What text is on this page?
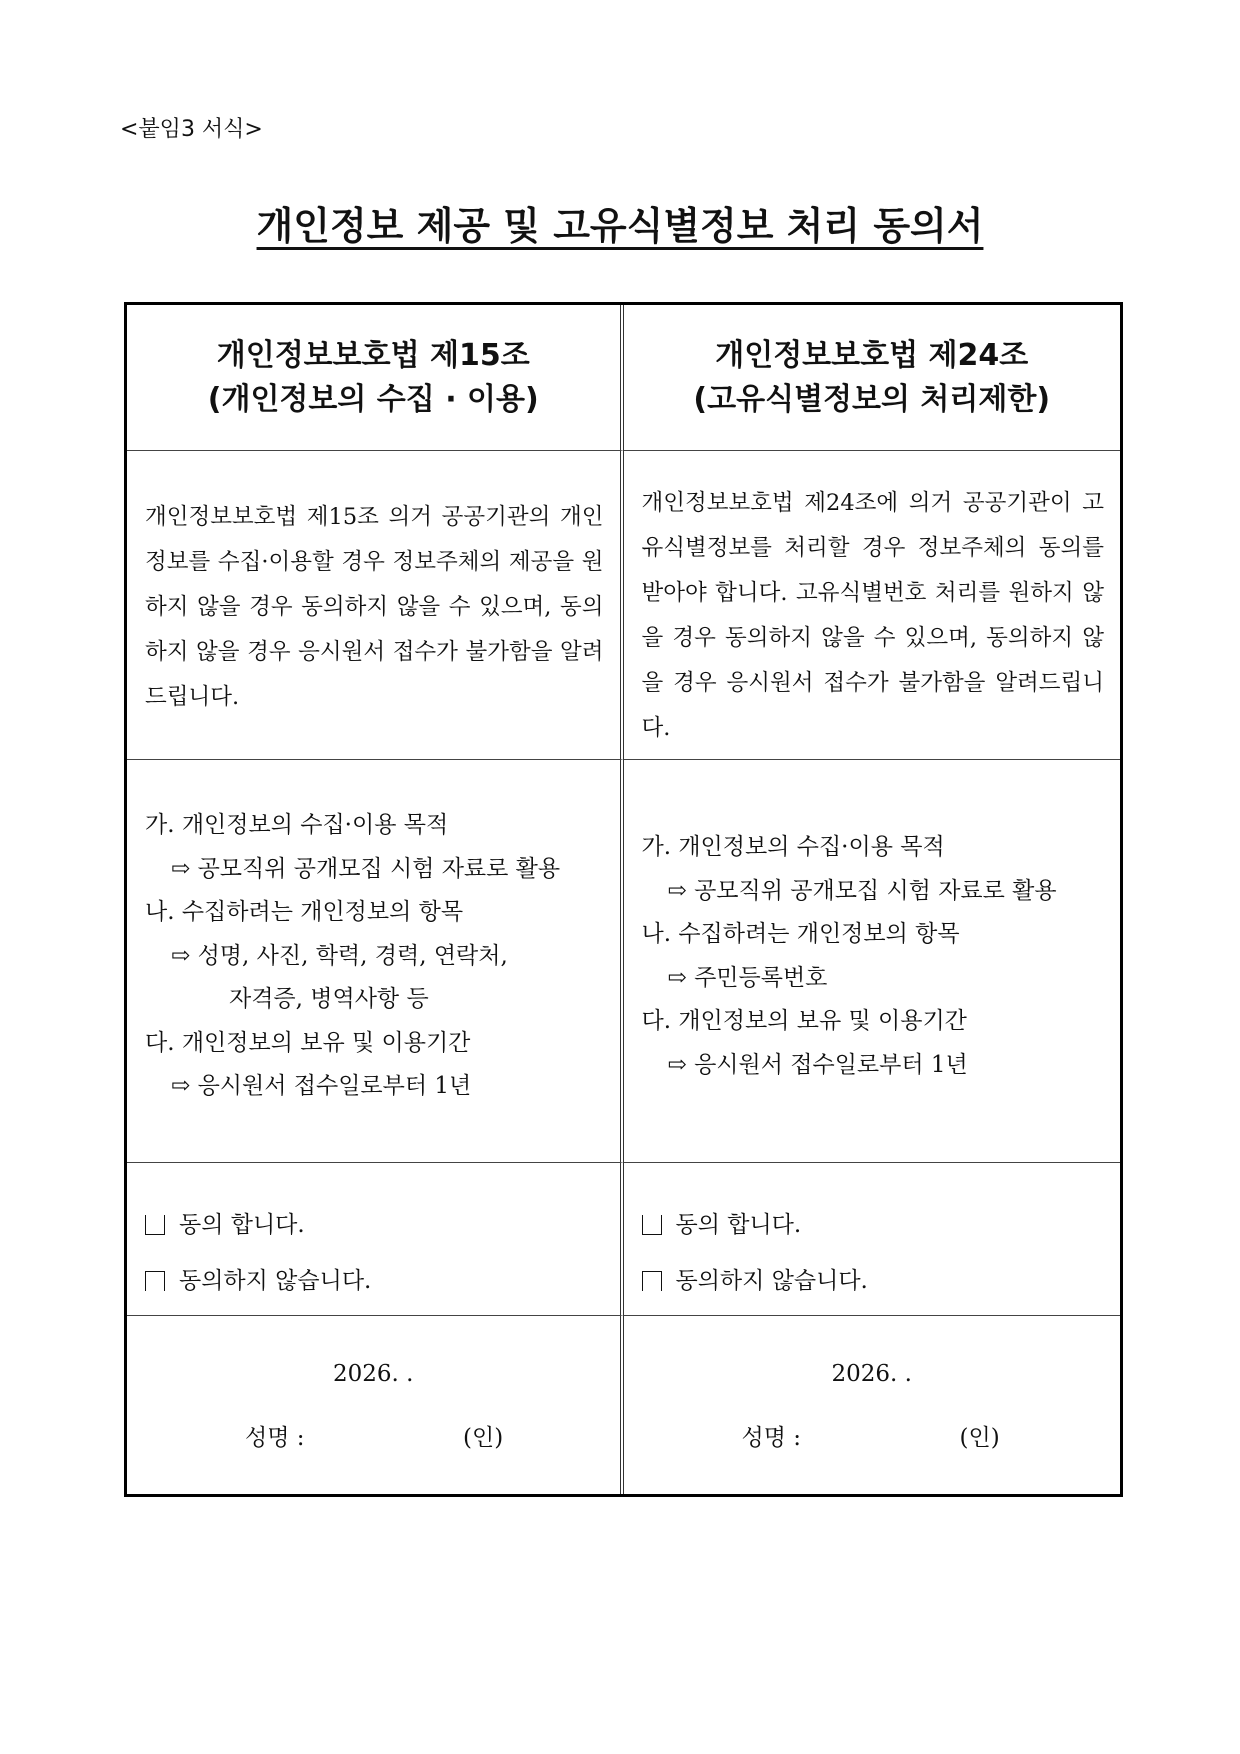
<붙임3 서식>
개인정보 제공 및 고유식별정보 처리 동의서
개인정보보호법 제15조
(개인정보의 수집 · 이용)
개인정보보호법 제24조
(고유식별정보의 처리제한)
개인정보보호법 제15조 의거 공공기관의 개인정보를 수집·이용할 경우 정보주체의 제공을 원하지 않을 경우 동의하지 않을 수 있으며, 동의하지 않을 경우 응시원서 접수가 불가함을 알려드립니다.
개인정보보호법 제24조에 의거 공공기관이 고유식별정보를 처리할 경우 정보주체의 동의를 받아야 합니다. 고유식별번호 처리를 원하지 않을 경우 동의하지 않을 수 있으며, 동의하지 않을 경우 응시원서 접수가 불가함을 알려드립니다.
가. 개인정보의 수집·이용 목적
⇨ 공모직위 공개모집 시험 자료로 활용
나. 수집하려는 개인정보의 항목
⇨ 성명, 사진, 학력, 경력, 연락처,
자격증, 병역사항 등
다. 개인정보의 보유 및 이용기간
⇨ 응시원서 접수일로부터 1년
가. 개인정보의 수집·이용 목적
⇨ 공모직위 공개모집 시험 자료로 활용
나. 수집하려는 개인정보의 항목
⇨ 주민등록번호
다. 개인정보의 보유 및 이용기간
⇨ 응시원서 접수일로부터 1년
동의 합니다.
동의하지 않습니다.
동의 합니다.
동의하지 않습니다.
2026. .
성명 :	(인)
2026. .
성명 :	(인)
